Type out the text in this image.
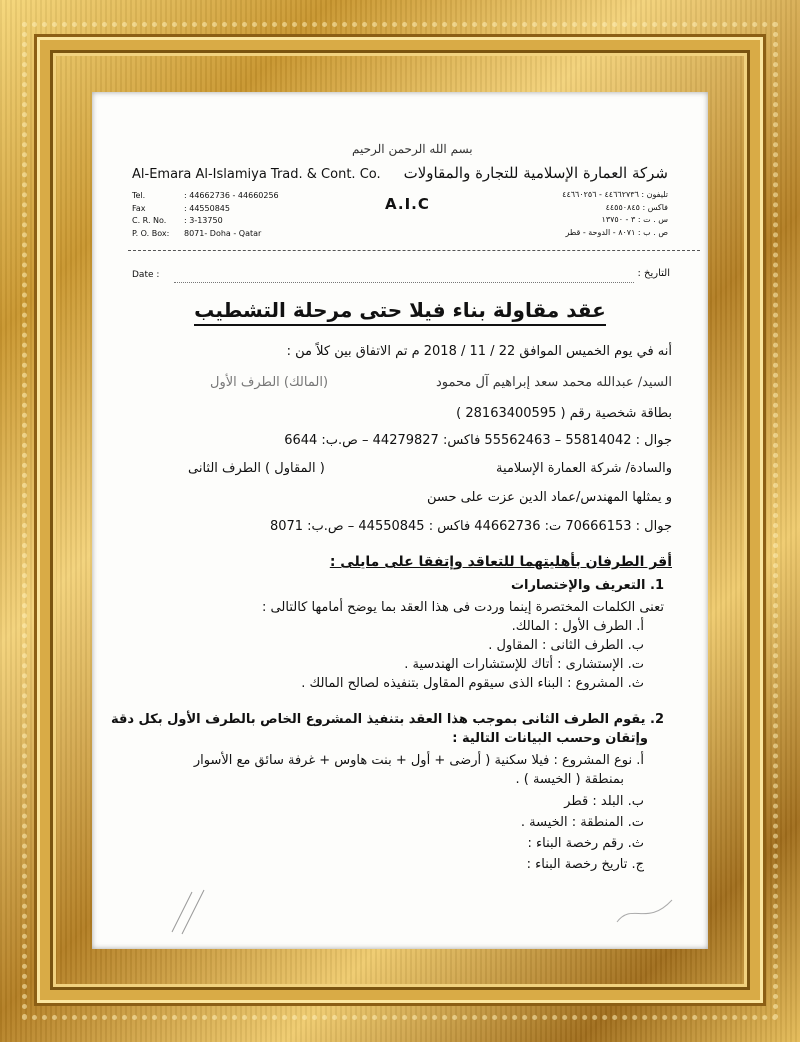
بسم الله الرحمن الرحيم
Al-Emara Al-Islamiya Trad. & Cont. Co. شركة العمارة الإسلامية للتجارة والمقاولات
Tel.	: 44662736 - 44660256
Fax	: 44550845
C. R. No.	: 3-13750
P. O. Box:	8071- Doha - Qatar
A.I.C
تليفون : ٤٤٦٦٢٧٣٦ - ٤٤٦٦٠٢٥٦
فاكس : ٤٤٥٥٠٨٤٥
س . ت : ٣ - ١٣٧٥٠
ص . ب : ٨٠٧١ - الدوحة - قطر
Date :	التاريخ :
عقد مقاولة بناء فيلا حتى مرحلة التشطيب
أنه في يوم الخميس الموافق 22 / 11 / 2018 م تم الاتفاق بين كلاً من :
السيد/ عبدالله محمد سعد إبراهيم آل محمود
(المالك) الطرف الأول
بطاقة شخصية رقم ( 28163400595 )
جوال : 55814042 – 55562463 فاكس: 44279827 – ص.ب: 6644
والسادة/ شركة العمارة الإسلامية
( المقاول ) الطرف الثانى
و يمثلها المهندس/عماد الدين عزت على حسن
جوال : 70666153 ت: 44662736 فاكس : 44550845 – ص.ب: 8071
أقر الطرفان بأهليتهما للتعاقد وإتفقا على مايلى :
1. التعريف والإختصارات
تعنى الكلمات المختصرة إينما وردت فى هذا العقد بما يوضح أمامها كالتالى :
أ. الطرف الأول : المالك.
ب. الطرف الثانى : المقاول .
ت. الإستشارى : أتاك للإستشارات الهندسية .
ث. المشروع : البناء الذى سيقوم المقاول بتنفيذه لصالح المالك .
2. يقوم الطرف الثانى بموجب هذا العقد بتنفيذ المشروع الخاص بالطرف الأول بكل دقة
وإتقان وحسب البيانات التالية :
أ. نوع المشروع : فيلا سكنية ( أرضى + أول + بنت هاوس + غرفة سائق مع الأسوار
بمنطقة ( الخيسة ) .
ب. البلد : قطر
ت. المنطقة : الخيسة .
ث. رقم رخصة البناء :
ج. تاريخ رخصة البناء :
